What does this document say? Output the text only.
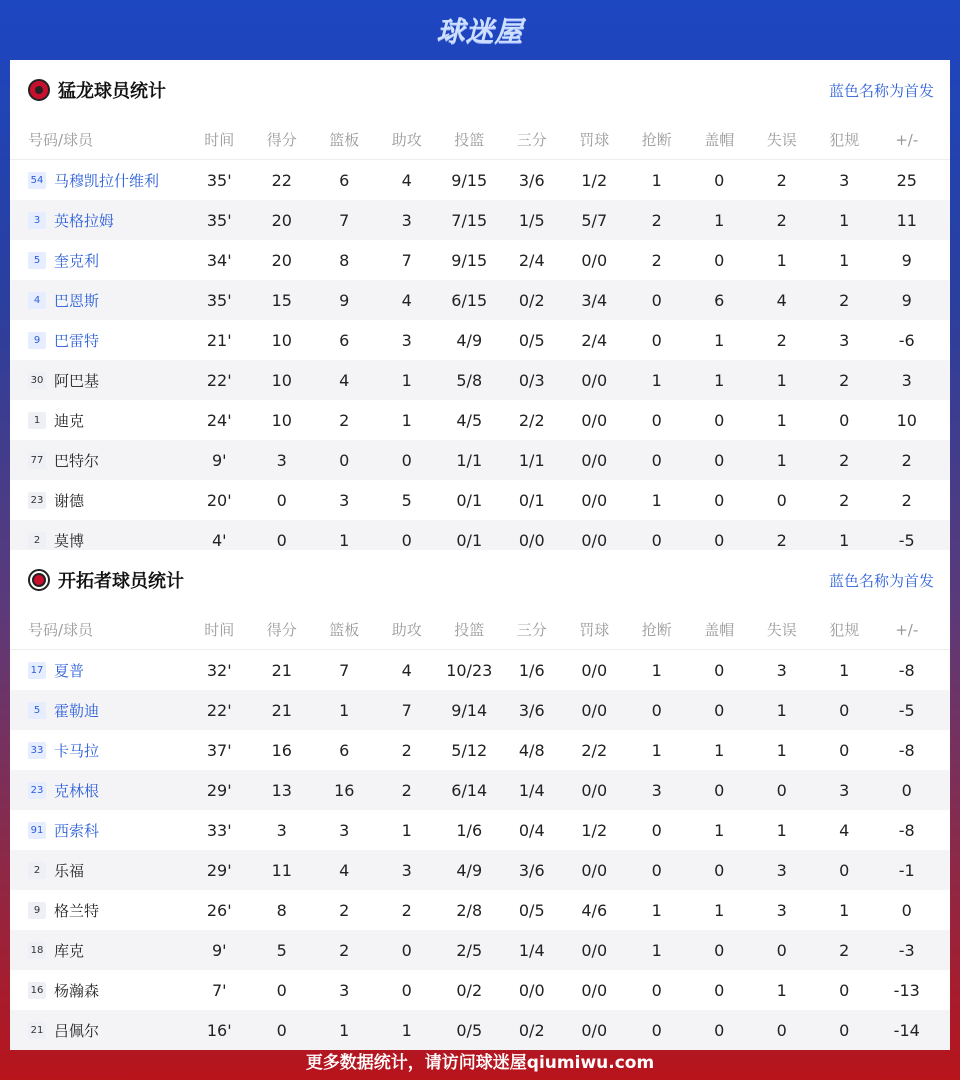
球迷屋
猛龙球员统计	蓝色名称为首发
号码/球员	时间	得分	篮板	助攻	投篮	三分	罚球	抢断	盖帽	失误	犯规	+/-
54 马穆凯拉什维利	35'	22	6	4	9/15	3/6	1/2	1	0	2	3	25
3 英格拉姆	35'	20	7	3	7/15	1/5	5/7	2	1	2	1	11
5 奎克利	34'	20	8	7	9/15	2/4	0/0	2	0	1	1	9
4 巴恩斯	35'	15	9	4	6/15	0/2	3/4	0	6	4	2	9
9 巴雷特	21'	10	6	3	4/9	0/5	2/4	0	1	2	3	-6
30 阿巴基	22'	10	4	1	5/8	0/3	0/0	1	1	1	2	3
1 迪克	24'	10	2	1	4/5	2/2	0/0	0	0	1	0	10
77 巴特尔	9'	3	0	0	1/1	1/1	0/0	0	0	1	2	2
23 谢德	20'	0	3	5	0/1	0/1	0/0	1	0	0	2	2
2 莫博	4'	0	1	0	0/1	0/0	0/0	0	0	2	1	-5
开拓者球员统计	蓝色名称为首发
号码/球员	时间	得分	篮板	助攻	投篮	三分	罚球	抢断	盖帽	失误	犯规	+/-
17 夏普	32'	21	7	4	10/23	1/6	0/0	1	0	3	1	-8
5 霍勒迪	22'	21	1	7	9/14	3/6	0/0	0	0	1	0	-5
33 卡马拉	37'	16	6	2	5/12	4/8	2/2	1	1	1	0	-8
23 克林根	29'	13	16	2	6/14	1/4	0/0	3	0	0	3	0
91 西索科	33'	3	3	1	1/6	0/4	1/2	0	1	1	4	-8
2 乐福	29'	11	4	3	4/9	3/6	0/0	0	0	3	0	-1
9 格兰特	26'	8	2	2	2/8	0/5	4/6	1	1	3	1	0
18 库克	9'	5	2	0	2/5	1/4	0/0	1	0	0	2	-3
16 杨瀚森	7'	0	3	0	0/2	0/0	0/0	0	0	1	0	-13
21 吕佩尔	16'	0	1	1	0/5	0/2	0/0	0	0	0	0	-14
更多数据统计，请访问球迷屋qiumiwu.com
